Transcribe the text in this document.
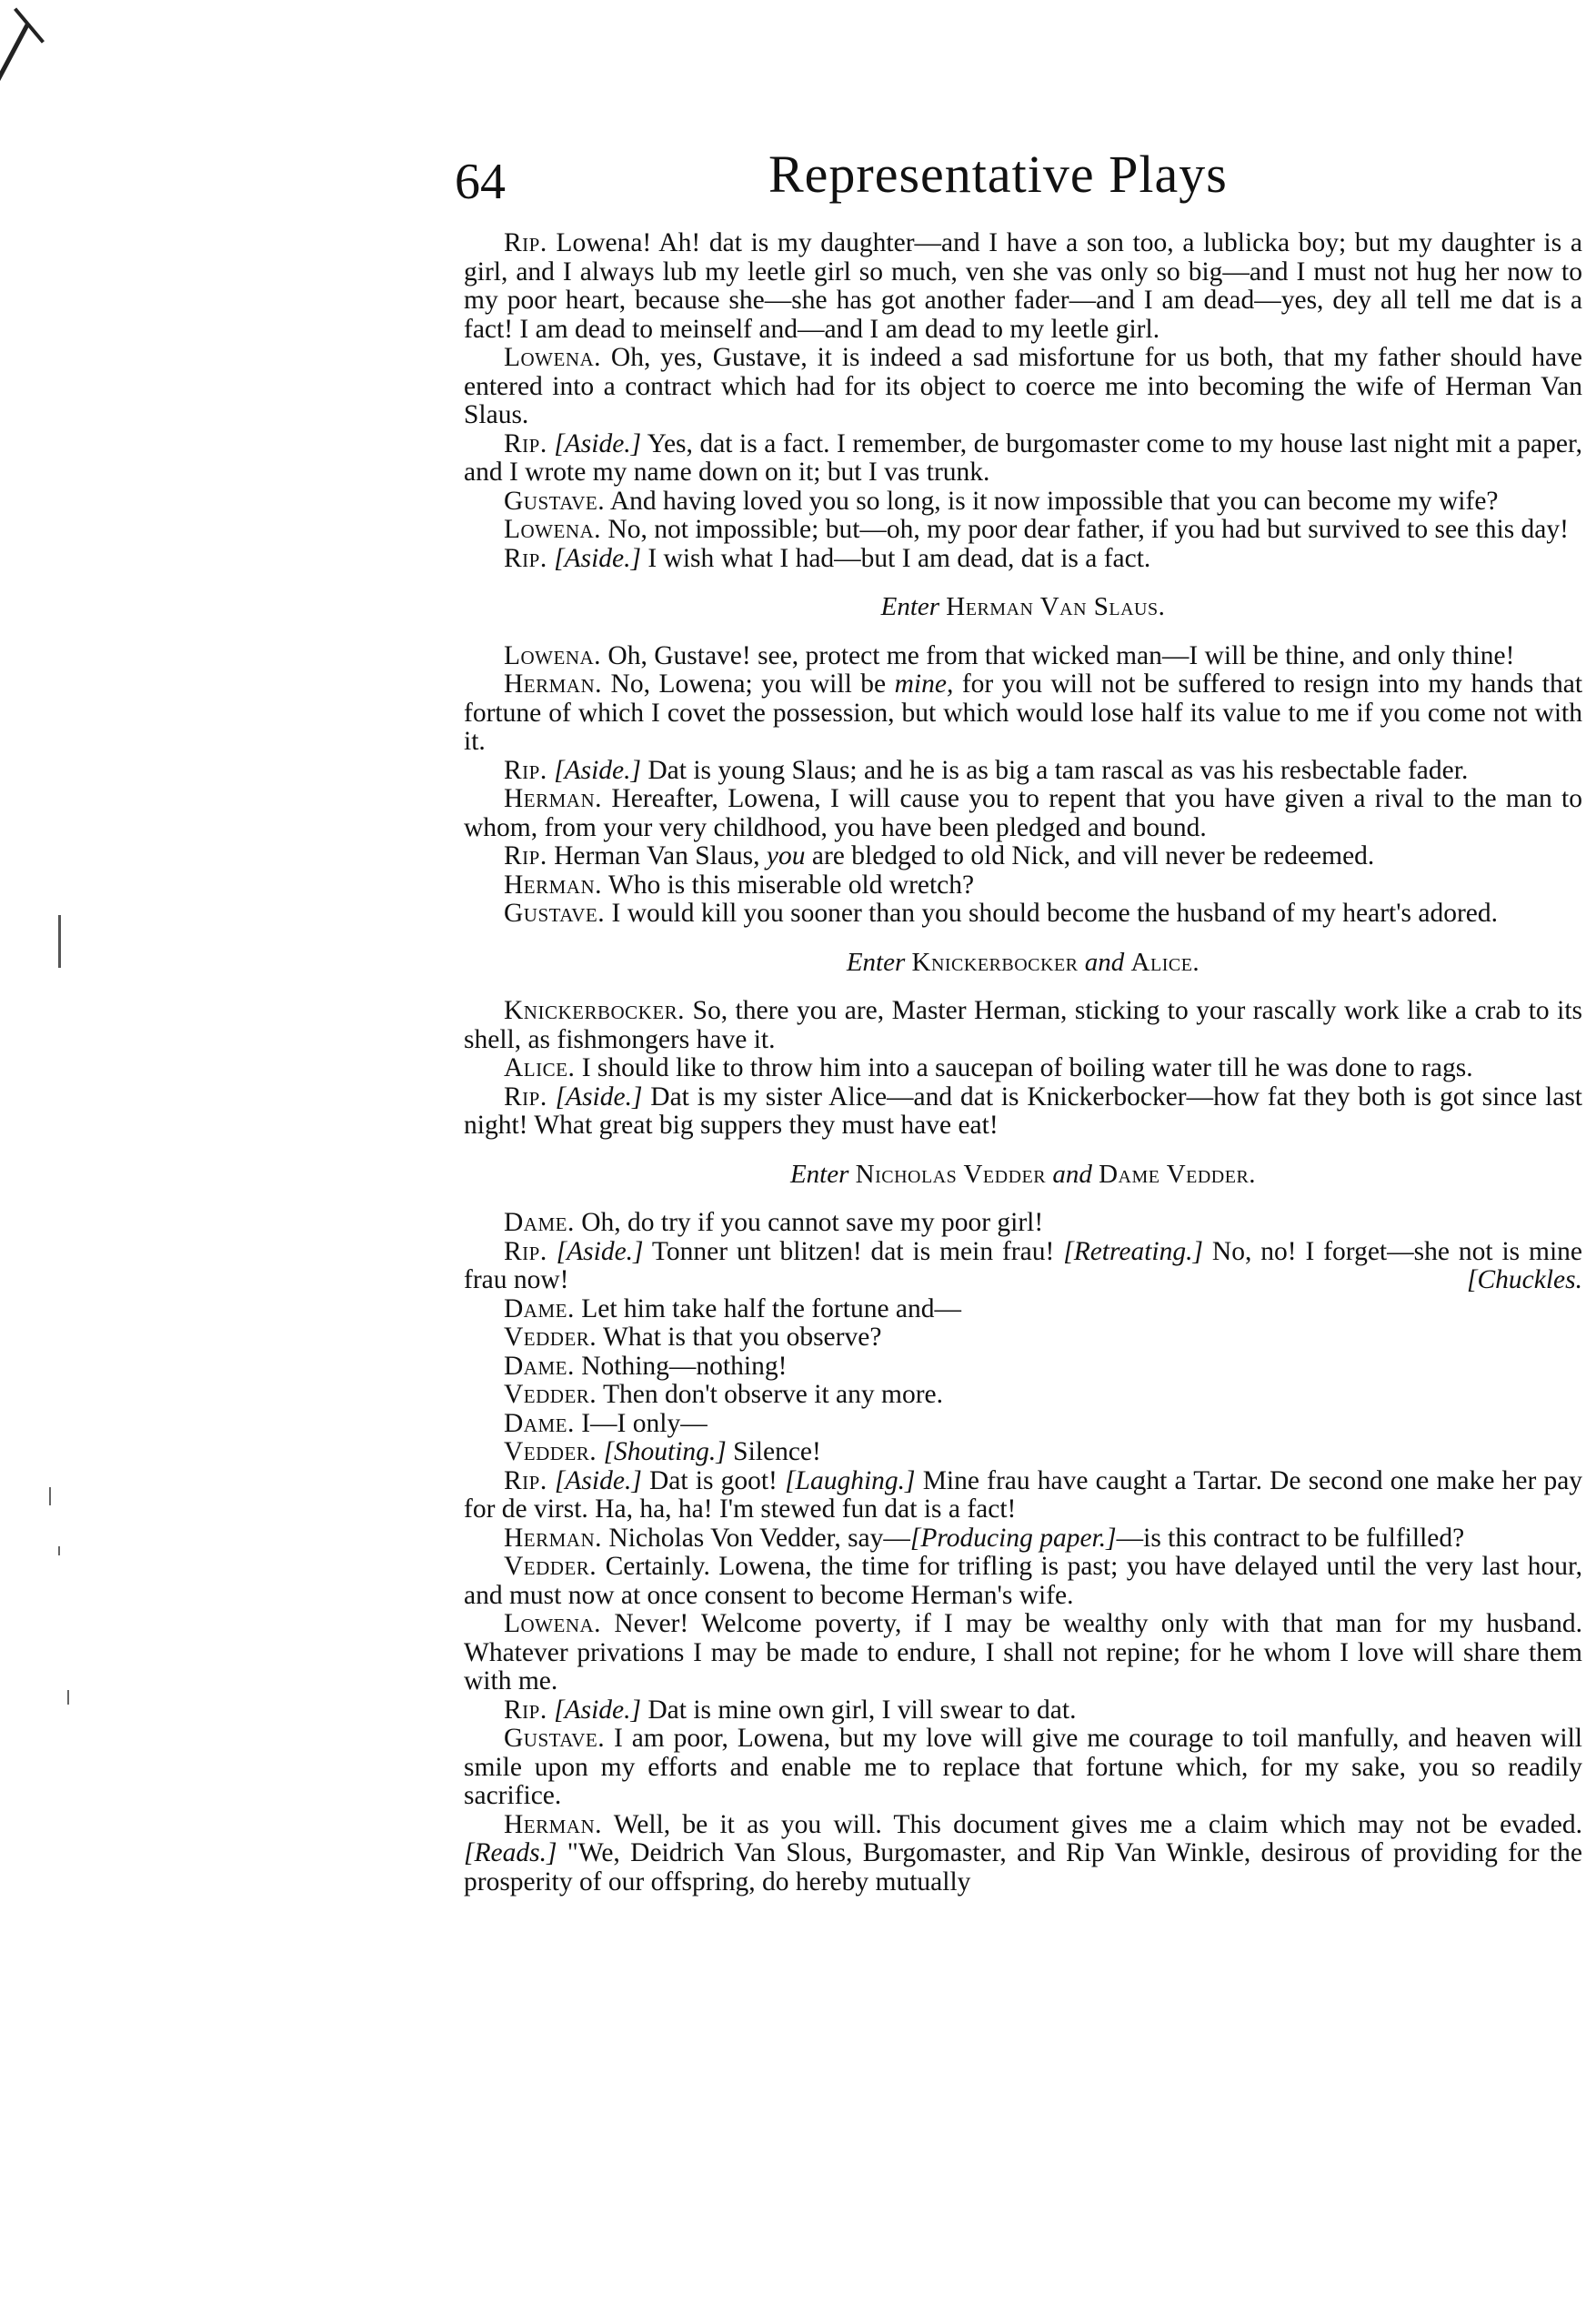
64	Representative Plays

Rip. Lowena! Ah! dat is my daughter—and I have a son too, a lublicka boy; but my daughter is a girl, and I always lub my leetle girl so much, ven she vas only so big—and I must not hug her now to my poor heart, because she—she has got another fader—and I am dead—yes, dey all tell me dat is a fact! I am dead to meinself and—and I am dead to my leetle girl.

Lowena. Oh, yes, Gustave, it is indeed a sad misfortune for us both, that my father should have entered into a contract which had for its object to coerce me into becoming the wife of Herman Van Slaus.

Rip. [Aside.] Yes, dat is a fact. I remember, de burgomaster come to my house last night mit a paper, and I wrote my name down on it; but I vas trunk.

Gustave. And having loved you so long, is it now impossible that you can become my wife?

Lowena. No, not impossible; but—oh, my poor dear father, if you had but survived to see this day!

Rip. [Aside.] I wish what I had—but I am dead, dat is a fact.

Enter Herman Van Slaus.

Lowena. Oh, Gustave! see, protect me from that wicked man—I will be thine, and only thine!

Herman. No, Lowena; you will be mine, for you will not be suffered to resign into my hands that fortune of which I covet the possession, but which would lose half its value to me if you come not with it.

Rip. [Aside.] Dat is young Slaus; and he is as big a tam rascal as vas his resbectable fader.

Herman. Hereafter, Lowena, I will cause you to repent that you have given a rival to the man to whom, from your very childhood, you have been pledged and bound.

Rip. Herman Van Slaus, you are bledged to old Nick, and vill never be redeemed.

Herman. Who is this miserable old wretch?

Gustave. I would kill you sooner than you should become the husband of my heart's adored.

Enter Knickerbocker and Alice.

Knickerbocker. So, there you are, Master Herman, sticking to your rascally work like a crab to its shell, as fishmongers have it.

Alice. I should like to throw him into a saucepan of boiling water till he was done to rags.

Rip. [Aside.] Dat is my sister Alice—and dat is Knickerbocker—how fat they both is got since last night! What great big suppers they must have eat!

Enter Nicholas Vedder and Dame Vedder.

Dame. Oh, do try if you cannot save my poor girl!

Rip. [Aside.] Tonner unt blitzen! dat is mein frau! [Retreating.] No, no! I forget—she not is mine frau now!	[Chuckles.

Dame. Let him take half the fortune and—

Vedder. What is that you observe?

Dame. Nothing—nothing!

Vedder. Then don't observe it any more.

Dame. I—I only—

Vedder. [Shouting.] Silence!

Rip. [Aside.] Dat is goot! [Laughing.] Mine frau have caught a Tartar. De second one make her pay for de virst. Ha, ha, ha! I'm stewed fun dat is a fact!

Herman. Nicholas Von Vedder, say—[Producing paper.]—is this contract to be fulfilled?

Vedder. Certainly. Lowena, the time for trifling is past; you have delayed until the very last hour, and must now at once consent to become Herman's wife.

Lowena. Never! Welcome poverty, if I may be wealthy only with that man for my husband. Whatever privations I may be made to endure, I shall not repine; for he whom I love will share them with me.

Rip. [Aside.] Dat is mine own girl, I vill swear to dat.

Gustave. I am poor, Lowena, but my love will give me courage to toil manfully, and heaven will smile upon my efforts and enable me to replace that fortune which, for my sake, you so readily sacrifice.

Herman. Well, be it as you will. This document gives me a claim which may not be evaded. [Reads.] "We, Deidrich Van Slous, Burgomaster, and Rip Van Winkle, desirous of providing for the prosperity of our offspring, do hereby mutually
